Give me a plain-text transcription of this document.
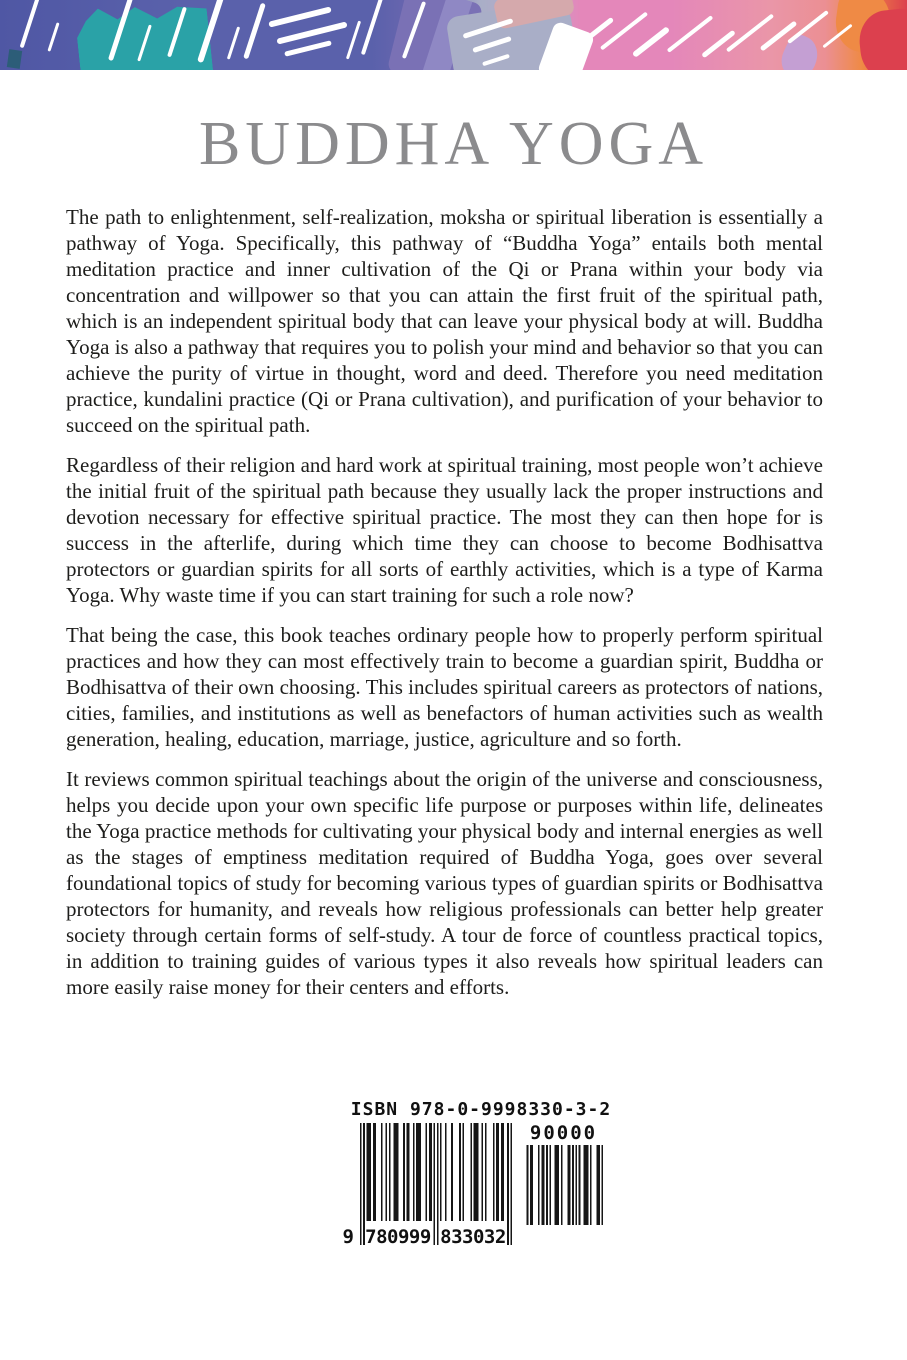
BUDDHA YOGA

The path to enlightenment, self-realization, moksha or spiritual liberation is essentially a pathway of Yoga. Specifically, this pathway of “Buddha Yoga” entails both mental meditation practice and inner cultivation of the Qi or Prana within your body via concentration and willpower so that you can attain the first fruit of the spiritual path, which is an independent spiritual body that can leave your physical body at will. Buddha Yoga is also a pathway that requires you to polish your mind and behavior so that you can achieve the purity of virtue in thought, word and deed. Therefore you need meditation practice, kundalini practice (Qi or Prana cultivation), and purification of your behavior to succeed on the spiritual path.

Regardless of their religion and hard work at spiritual training, most people won’t achieve the initial fruit of the spiritual path because they usually lack the proper instructions and devotion necessary for effective spiritual practice. The most they can then hope for is success in the afterlife, during which time they can choose to become Bodhisattva protectors or guardian spirits for all sorts of earthly activities, which is a type of Karma Yoga. Why waste time if you can start training for such a role now?

That being the case, this book teaches ordinary people how to properly perform spiritual practices and how they can most effectively train to become a guardian spirit, Buddha or Bodhisattva of their own choosing. This includes spiritual careers as protectors of nations, cities, families, and institutions as well as benefactors of human activities such as wealth generation, healing, education, marriage, justice, agriculture and so forth.

It reviews common spiritual teachings about the origin of the universe and consciousness, helps you decide upon your own specific life purpose or purposes within life, delineates the Yoga practice methods for cultivating your physical body and internal energies as well as the stages of emptiness meditation required of Buddha Yoga, goes over several foundational topics of study for becoming various types of guardian spirits or Bodhisattva protectors for humanity, and reveals how religious professionals can better help greater society through certain forms of self-study. A tour de force of countless practical topics, in addition to training guides of various types it also reveals how spiritual leaders can more easily raise money for their centers and efforts.

ISBN 978-0-9998330-3-2
9 780999 833032
90000
